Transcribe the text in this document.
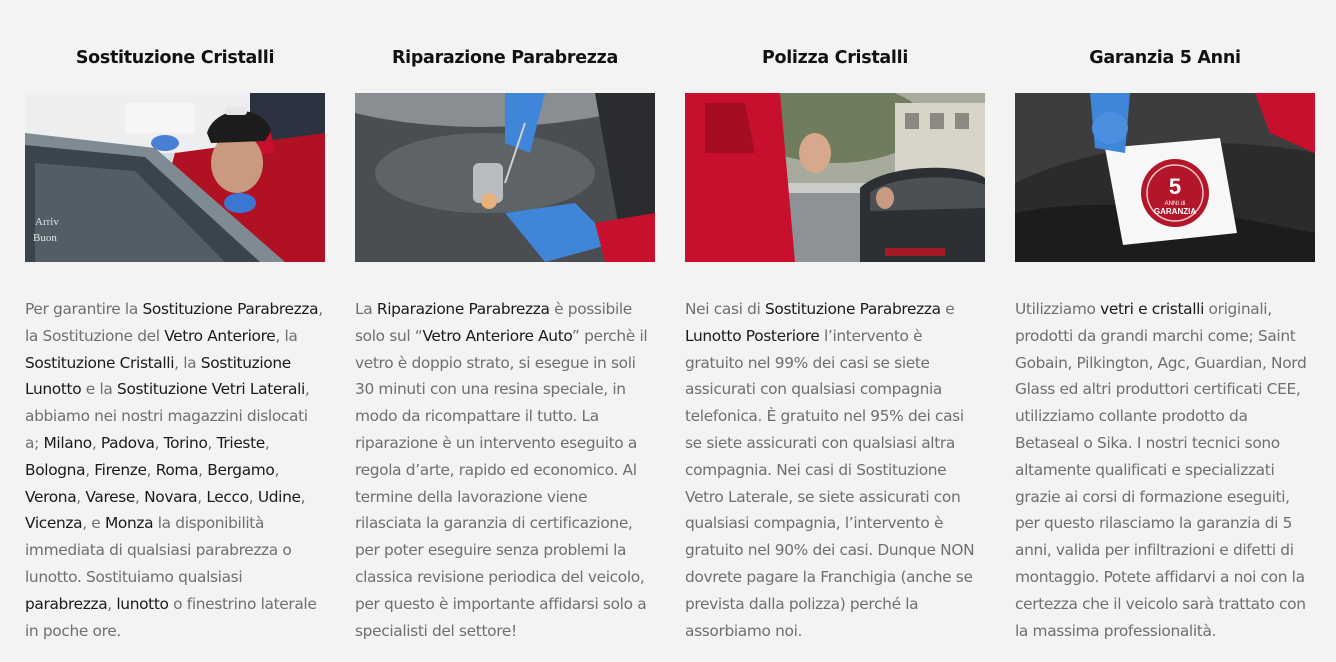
Sostituzione Cristalli
Arriv
Buon

Per garantire la Sostituzione Parabrezza, la Sostituzione del Vetro Anteriore, la Sostituzione Cristalli, la Sostituzione Lunotto e la Sostituzione Vetri Laterali, abbiamo nei nostri magazzini dislocati a; Milano, Padova, Torino, Trieste, Bologna, Firenze, Roma, Bergamo, Verona, Varese, Novara, Lecco, Udine, Vicenza, e Monza la disponibilità immediata di qualsiasi parabrezza o lunotto. Sostituiamo qualsiasi parabrezza, lunotto o finestrino laterale in poche ore.

Riparazione Parabrezza

La Riparazione Parabrezza è possibile solo sul “Vetro Anteriore Auto” perchè il vetro è doppio strato, si esegue in soli 30 minuti con una resina speciale, in modo da ricompattare il tutto. La riparazione è un intervento eseguito a regola d’arte, rapido ed economico. Al termine della lavorazione viene rilasciata la garanzia di certificazione, per poter eseguire senza problemi la classica revisione periodica del veicolo, per questo è importante affidarsi solo a specialisti del settore!

Polizza Cristalli

Nei casi di Sostituzione Parabrezza e Lunotto Posteriore l’intervento è gratuito nel 99% dei casi se siete assicurati con qualsiasi compagnia telefonica. È gratuito nel 95% dei casi se siete assicurati con qualsiasi altra compagnia. Nei casi di Sostituzione Vetro Laterale, se siete assicurati con qualsiasi compagnia, l’intervento è gratuito nel 90% dei casi. Dunque NON dovrete pagare la Franchigia (anche se prevista dalla polizza) perché la assorbiamo noi.

Garanzia 5 Anni
5
ANNI di
GARANZIA

Utilizziamo vetri e cristalli originali, prodotti da grandi marchi come; Saint Gobain, Pilkington, Agc, Guardian, Nord Glass ed altri produttori certificati CEE, utilizziamo collante prodotto da Betaseal o Sika. I nostri tecnici sono altamente qualificati e specializzati grazie ai corsi di formazione eseguiti, per questo rilasciamo la garanzia di 5 anni, valida per infiltrazioni e difetti di montaggio. Potete affidarvi a noi con la certezza che il veicolo sarà trattato con la massima professionalità.
